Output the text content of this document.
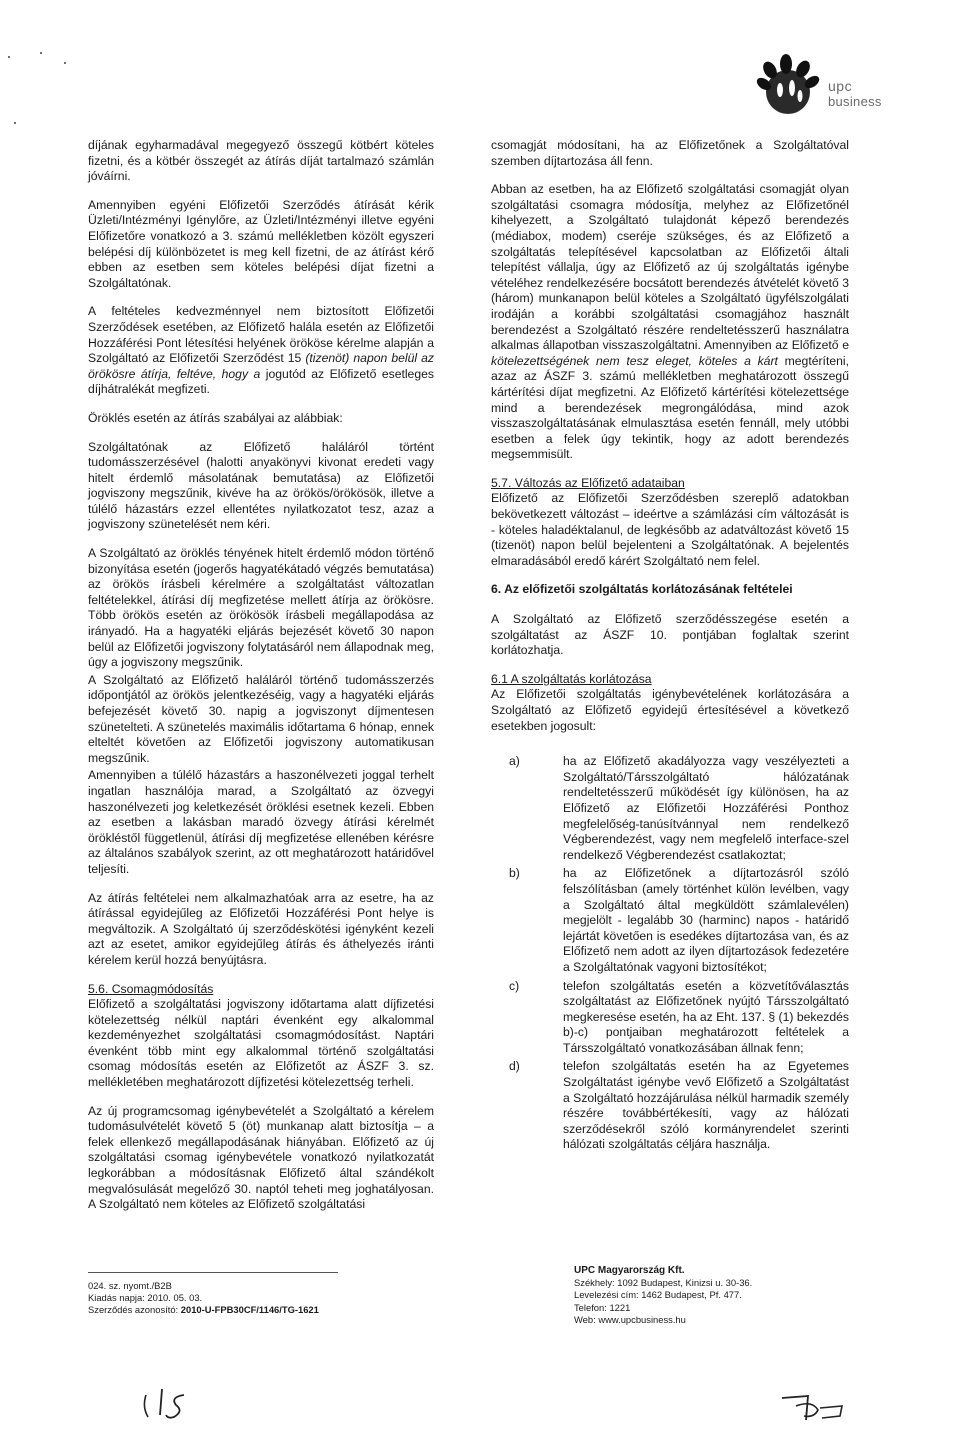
upc
business

díjának egyharmadával megegyező összegű kötbért köteles fizetni, és a kötbér összegét az átírás díját tartalmazó számlán jóváírni.

Amennyiben egyéni Előfizetői Szerződés átírását kérik Üzleti/Intézményi Igénylőre, az Üzleti/Intézményi illetve egyéni Előfizetőre vonatkozó a 3. számú mellékletben közölt egyszeri belépési díj különbözetet is meg kell fizetni, de az átírást kérő ebben az esetben sem köteles belépési díjat fizetni a Szolgáltatónak.

A feltételes kedvezménnyel nem biztosított Előfizetői Szerződések esetében, az Előfizető halála esetén az Előfizetői Hozzáférési Pont létesítési helyének örököse kérelme alapján a Szolgáltató az Előfizetői Szerződést 15 (tizenöt) napon belül az örökösre átírja, feltéve, hogy a jogutód az Előfizető esetleges díjhátralékát megfizeti.

Öröklés esetén az átírás szabályai az alábbiak:

Szolgáltatónak az Előfizető haláláról történt tudomásszerzésével (halotti anyakönyvi kivonat eredeti vagy hitelt érdemlő másolatának bemutatása) az Előfizetői jogviszony megszűnik, kivéve ha az örökös/örökösök, illetve a túlélő házastárs ezzel ellentétes nyilatkozatot tesz, azaz a jogviszony szünetelését nem kéri.

A Szolgáltató az öröklés tényének hitelt érdemlő módon történő bizonyítása esetén (jogerős hagyatékátadó végzés bemutatása) az örökös írásbeli kérelmére a szolgáltatást változatlan feltételekkel, átírási díj megfizetése mellett átírja az örökösre. Több örökös esetén az örökösök írásbeli megállapodása az irányadó. Ha a hagyatéki eljárás bejezését követő 30 napon belül az Előfizetői jogviszony folytatásáról nem állapodnak meg, úgy a jogviszony megszűnik.

A Szolgáltató az Előfizető haláláról történő tudomásszerzés időpontjától az örökös jelentkezéséig, vagy a hagyatéki eljárás befejezését követő 30. napig a jogviszonyt díjmentesen szünetelteti. A szünetelés maximális időtartama 6 hónap, ennek elteltét követően az Előfizetői jogviszony automatikusan megszűnik.

Amennyiben a túlélő házastárs a haszonélvezeti joggal terhelt ingatlan használója marad, a Szolgáltató az özvegyi haszonélvezeti jog keletkezését öröklési esetnek kezeli. Ebben az esetben a lakásban maradó özvegy átírási kérelmét örökléstől függetlenül, átírási díj megfizetése ellenében kérésre az általános szabályok szerint, az ott meghatározott határidővel teljesíti.

Az átírás feltételei nem alkalmazhatóak arra az esetre, ha az átírással egyidejűleg az Előfizetői Hozzáférési Pont helye is megváltozik. A Szolgáltató új szerződéskötési igényként kezeli azt az esetet, amikor egyidejűleg átírás és áthelyezés iránti kérelem kerül hozzá benyújtásra.

5.6. Csomagmódosítás

Előfizető a szolgáltatási jogviszony időtartama alatt díjfizetési kötelezettség nélkül naptári évenként egy alkalommal kezdeményezhet szolgáltatási csomagmódosítást. Naptári évenként több mint egy alkalommal történő szolgáltatási csomag módosítás esetén az Előfizetőt az ÁSZF 3. sz. mellékletében meghatározott díjfizetési kötelezettség terheli.

Az új programcsomag igénybevételét a Szolgáltató a kérelem tudomásulvételét követő 5 (öt) munkanap alatt biztosítja – a felek ellenkező megállapodásának hiányában. Előfizető az új szolgáltatási csomag igénybevétele vonatkozó nyilatkozatát legkorábban a módosításnak Előfizető által szándékolt megvalósulását megelőző 30. naptól teheti meg joghatályosan. A Szolgáltató nem köteles az Előfizető szolgáltatási

csomagját módosítani, ha az Előfizetőnek a Szolgáltatóval szemben díjtartozása áll fenn.

Abban az esetben, ha az Előfizető szolgáltatási csomagját olyan szolgáltatási csomagra módosítja, melyhez az Előfizetőnél kihelyezett, a Szolgáltató tulajdonát képező berendezés (médiabox, modem) cseréje szükséges, és az Előfizető a szolgáltatás telepítésével kapcsolatban az Előfizetői általi telepítést vállalja, úgy az Előfizető az új szolgáltatás igénybe vételéhez rendelkezésére bocsátott berendezés átvételét követő 3 (három) munkanapon belül köteles a Szolgáltató ügyfélszolgálati irodáján a korábbi szolgáltatási csomagjához használt berendezést a Szolgáltató részére rendeltetésszerű használatra alkalmas állapotban visszaszolgáltatni. Amennyiben az Előfizető e kötelezettségének nem tesz eleget, köteles a kárt megtéríteni, azaz az ÁSZF 3. számú mellékletben meghatározott összegű kártérítési díjat megfizetni. Az Előfizető kártérítési kötelezettsége mind a berendezések megrongálódása, mind azok visszaszolgáltatásának elmulasztása esetén fennáll, mely utóbbi esetben a felek úgy tekintik, hogy az adott berendezés megsemmisült.

5.7. Változás az Előfizető adataiban

Előfizető az Előfizetői Szerződésben szereplő adatokban bekövetkezett változást – ideértve a számlázási cím változását is - köteles haladéktalanul, de legkésőbb az adatváltozást követő 15 (tizenöt) napon belül bejelenteni a Szolgáltatónak. A bejelentés elmaradásából eredő kárért Szolgáltató nem felel.

6. Az előfizetői szolgáltatás korlátozásának feltételei

A Szolgáltató az Előfizető szerződésszegése esetén a szolgáltatást az ÁSZF 10. pontjában foglaltak szerint korlátozhatja.

6.1 A szolgáltatás korlátozása

Az Előfizetői szolgáltatás igénybevételének korlátozására a Szolgáltató az Előfizető egyidejű értesítésével a következő esetekben jogosult:

a)	ha az Előfizető akadályozza vagy veszélyezteti a Szolgáltató/Társszolgáltató hálózatának rendeltetésszerű működését így különösen, ha az Előfizető az Előfizetői Hozzáférési Ponthoz megfelelőség-tanúsítvánnyal nem rendelkező Végberendezést, vagy nem megfelelő interface-szel rendelkező Végberendezést csatlakoztat;
b)	ha az Előfizetőnek a díjtartozásról szóló felszólításban (amely történhet külön levélben, vagy a Szolgáltató által megküldött számlalevélen) megjelölt - legalább 30 (harminc) napos - határidő lejártát követően is esedékes díjtartozása van, és az Előfizető nem adott az ilyen díjtartozások fedezetére a Szolgáltatónak vagyoni biztosítékot;
c)	telefon szolgáltatás esetén a közvetítőválasztás szolgáltatást az Előfizetőnek nyújtó Társszolgáltató megkeresése esetén, ha az Eht. 137. § (1) bekezdés b)-c) pontjaiban meghatározott feltételek a Társszolgáltató vonatkozásában állnak fenn;
d)	telefon szolgáltatás esetén ha az Egyetemes Szolgáltatást igénybe vevő Előfizető a Szolgáltatást a Szolgáltató hozzájárulása nélkül harmadik személy részére továbbértékesíti, vagy az hálózati szerződésekről szóló kormányrendelet szerinti hálózati szolgáltatás céljára használja.
024. sz. nyomt./B2B
Kiadás napja: 2010. 05. 03.
Szerződés azonosító: 2010-U-FPB30CF/1146/TG-1621
UPC Magyarország Kft.
Székhely: 1092 Budapest, Kinizsi u. 30-36.
Levelezési cím: 1462 Budapest, Pf. 477.
Telefon: 1221
Web: www.upcbusiness.hu
